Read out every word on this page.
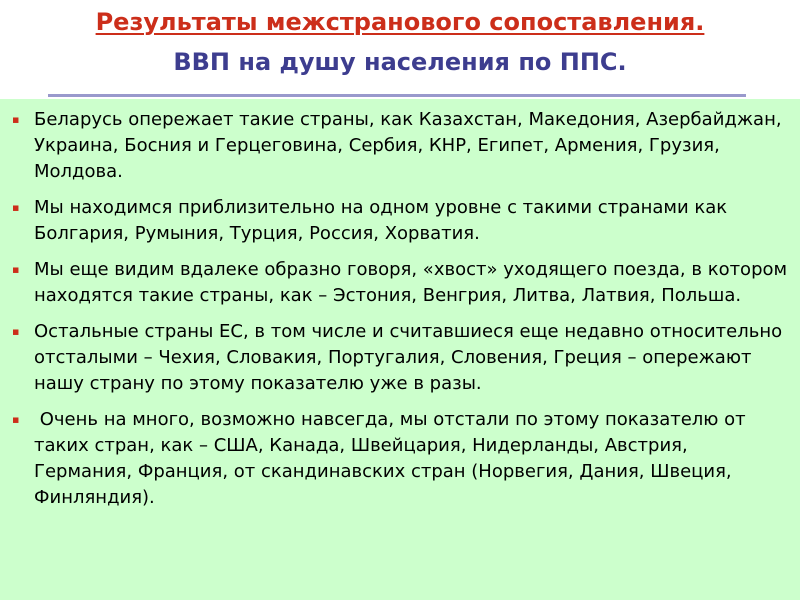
Результаты межстранового сопоставления.
ВВП на душу населения по ППС.
▪ Беларусь опережает такие страны, как Казахстан, Македония, Азербайджан, Украина, Босния и Герцеговина, Сербия, КНР, Египет, Армения, Грузия, Молдова.
▪ Мы находимся приблизительно на одном уровне с такими странами как Болгария, Румыния, Турция, Россия, Хорватия.
▪ Мы еще видим вдалеке образно говоря, «хвост» уходящего поезда, в котором находятся такие страны, как – Эстония, Венгрия, Литва, Латвия, Польша.
▪ Остальные страны ЕС, в том числе и считавшиеся еще недавно относительно отсталыми – Чехия, Словакия, Португалия, Словения, Греция – опережают нашу страну по этому показателю уже в разы.
▪ Очень на много, возможно навсегда, мы отстали по этому показателю от таких стран, как – США, Канада, Швейцария, Нидерланды, Австрия, Германия, Франция, от скандинавских стран (Норвегия, Дания, Швеция, Финляндия).
